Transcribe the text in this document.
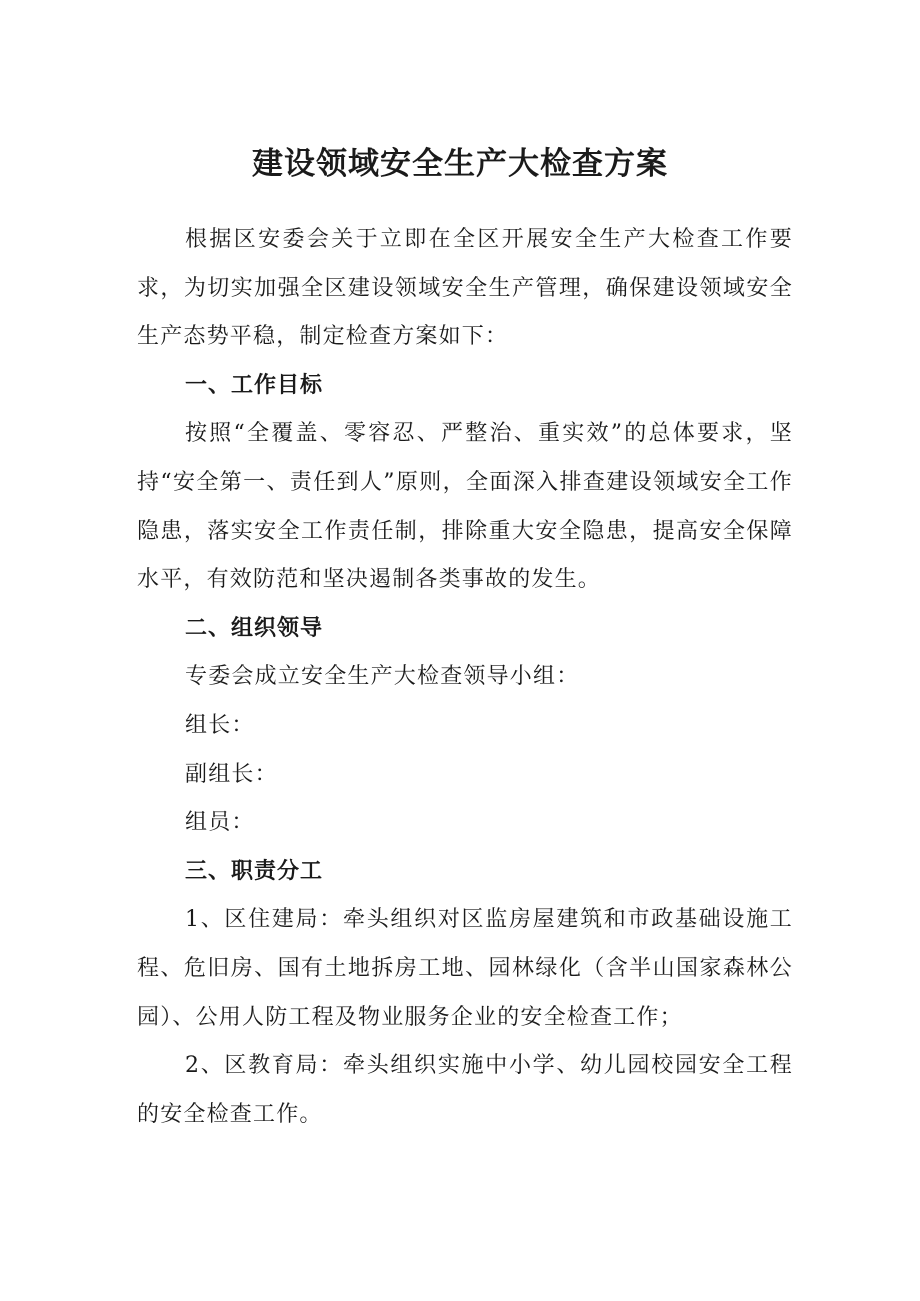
建设领域安全生产大检查方案

根据区安委会关于立即在全区开展安全生产大检查工作要求，为切实加强全区建设领域安全生产管理，确保建设领域安全生产态势平稳，制定检查方案如下：

一、工作目标

按照“全覆盖、零容忍、严整治、重实效”的总体要求，坚持“安全第一、责任到人”原则，全面深入排查建设领域安全工作隐患，落实安全工作责任制，排除重大安全隐患，提高安全保障水平，有效防范和坚决遏制各类事故的发生。

二、组织领导

专委会成立安全生产大检查领导小组：

组长：

副组长：

组员：

三、职责分工

1、区住建局：牵头组织对区监房屋建筑和市政基础设施工程、危旧房、国有土地拆房工地、园林绿化（含半山国家森林公园）、公用人防工程及物业服务企业的安全检查工作；

2、区教育局：牵头组织实施中小学、幼儿园校园安全工程的安全检查工作。
